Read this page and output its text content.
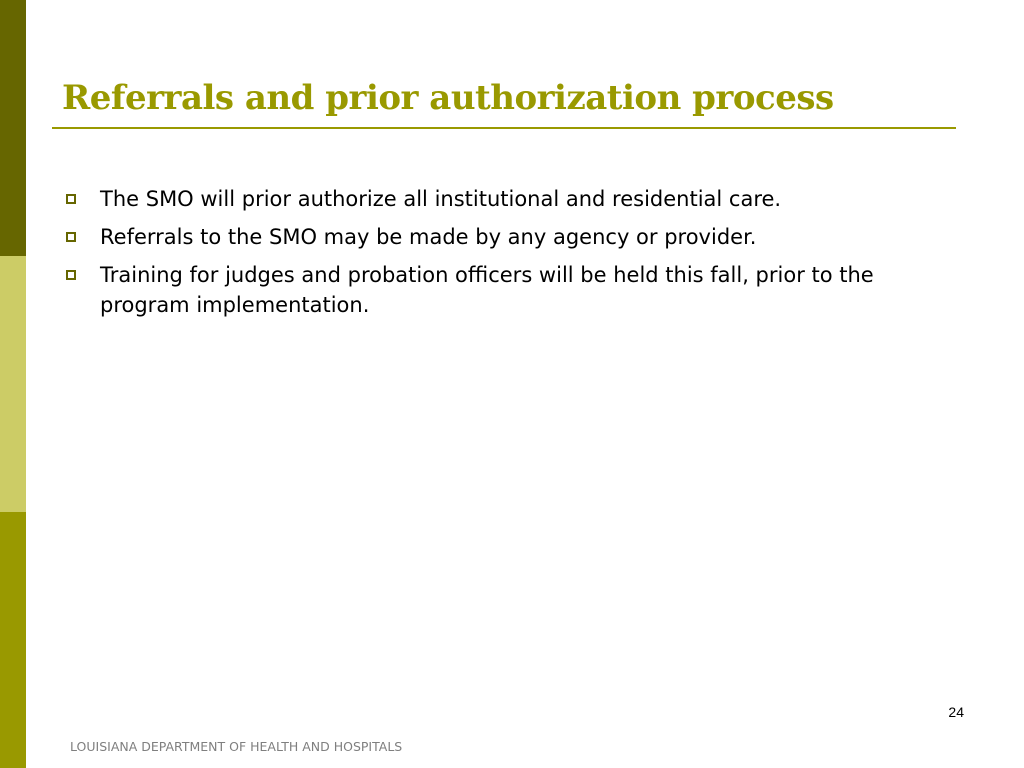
Referrals and prior authorization process
The SMO will prior authorize all institutional and residential care.
Referrals to the SMO may be made by any agency or provider.
Training for judges and probation officers will be held this fall, prior to the program implementation.
24
LOUISIANA DEPARTMENT OF HEALTH AND HOSPITALS
